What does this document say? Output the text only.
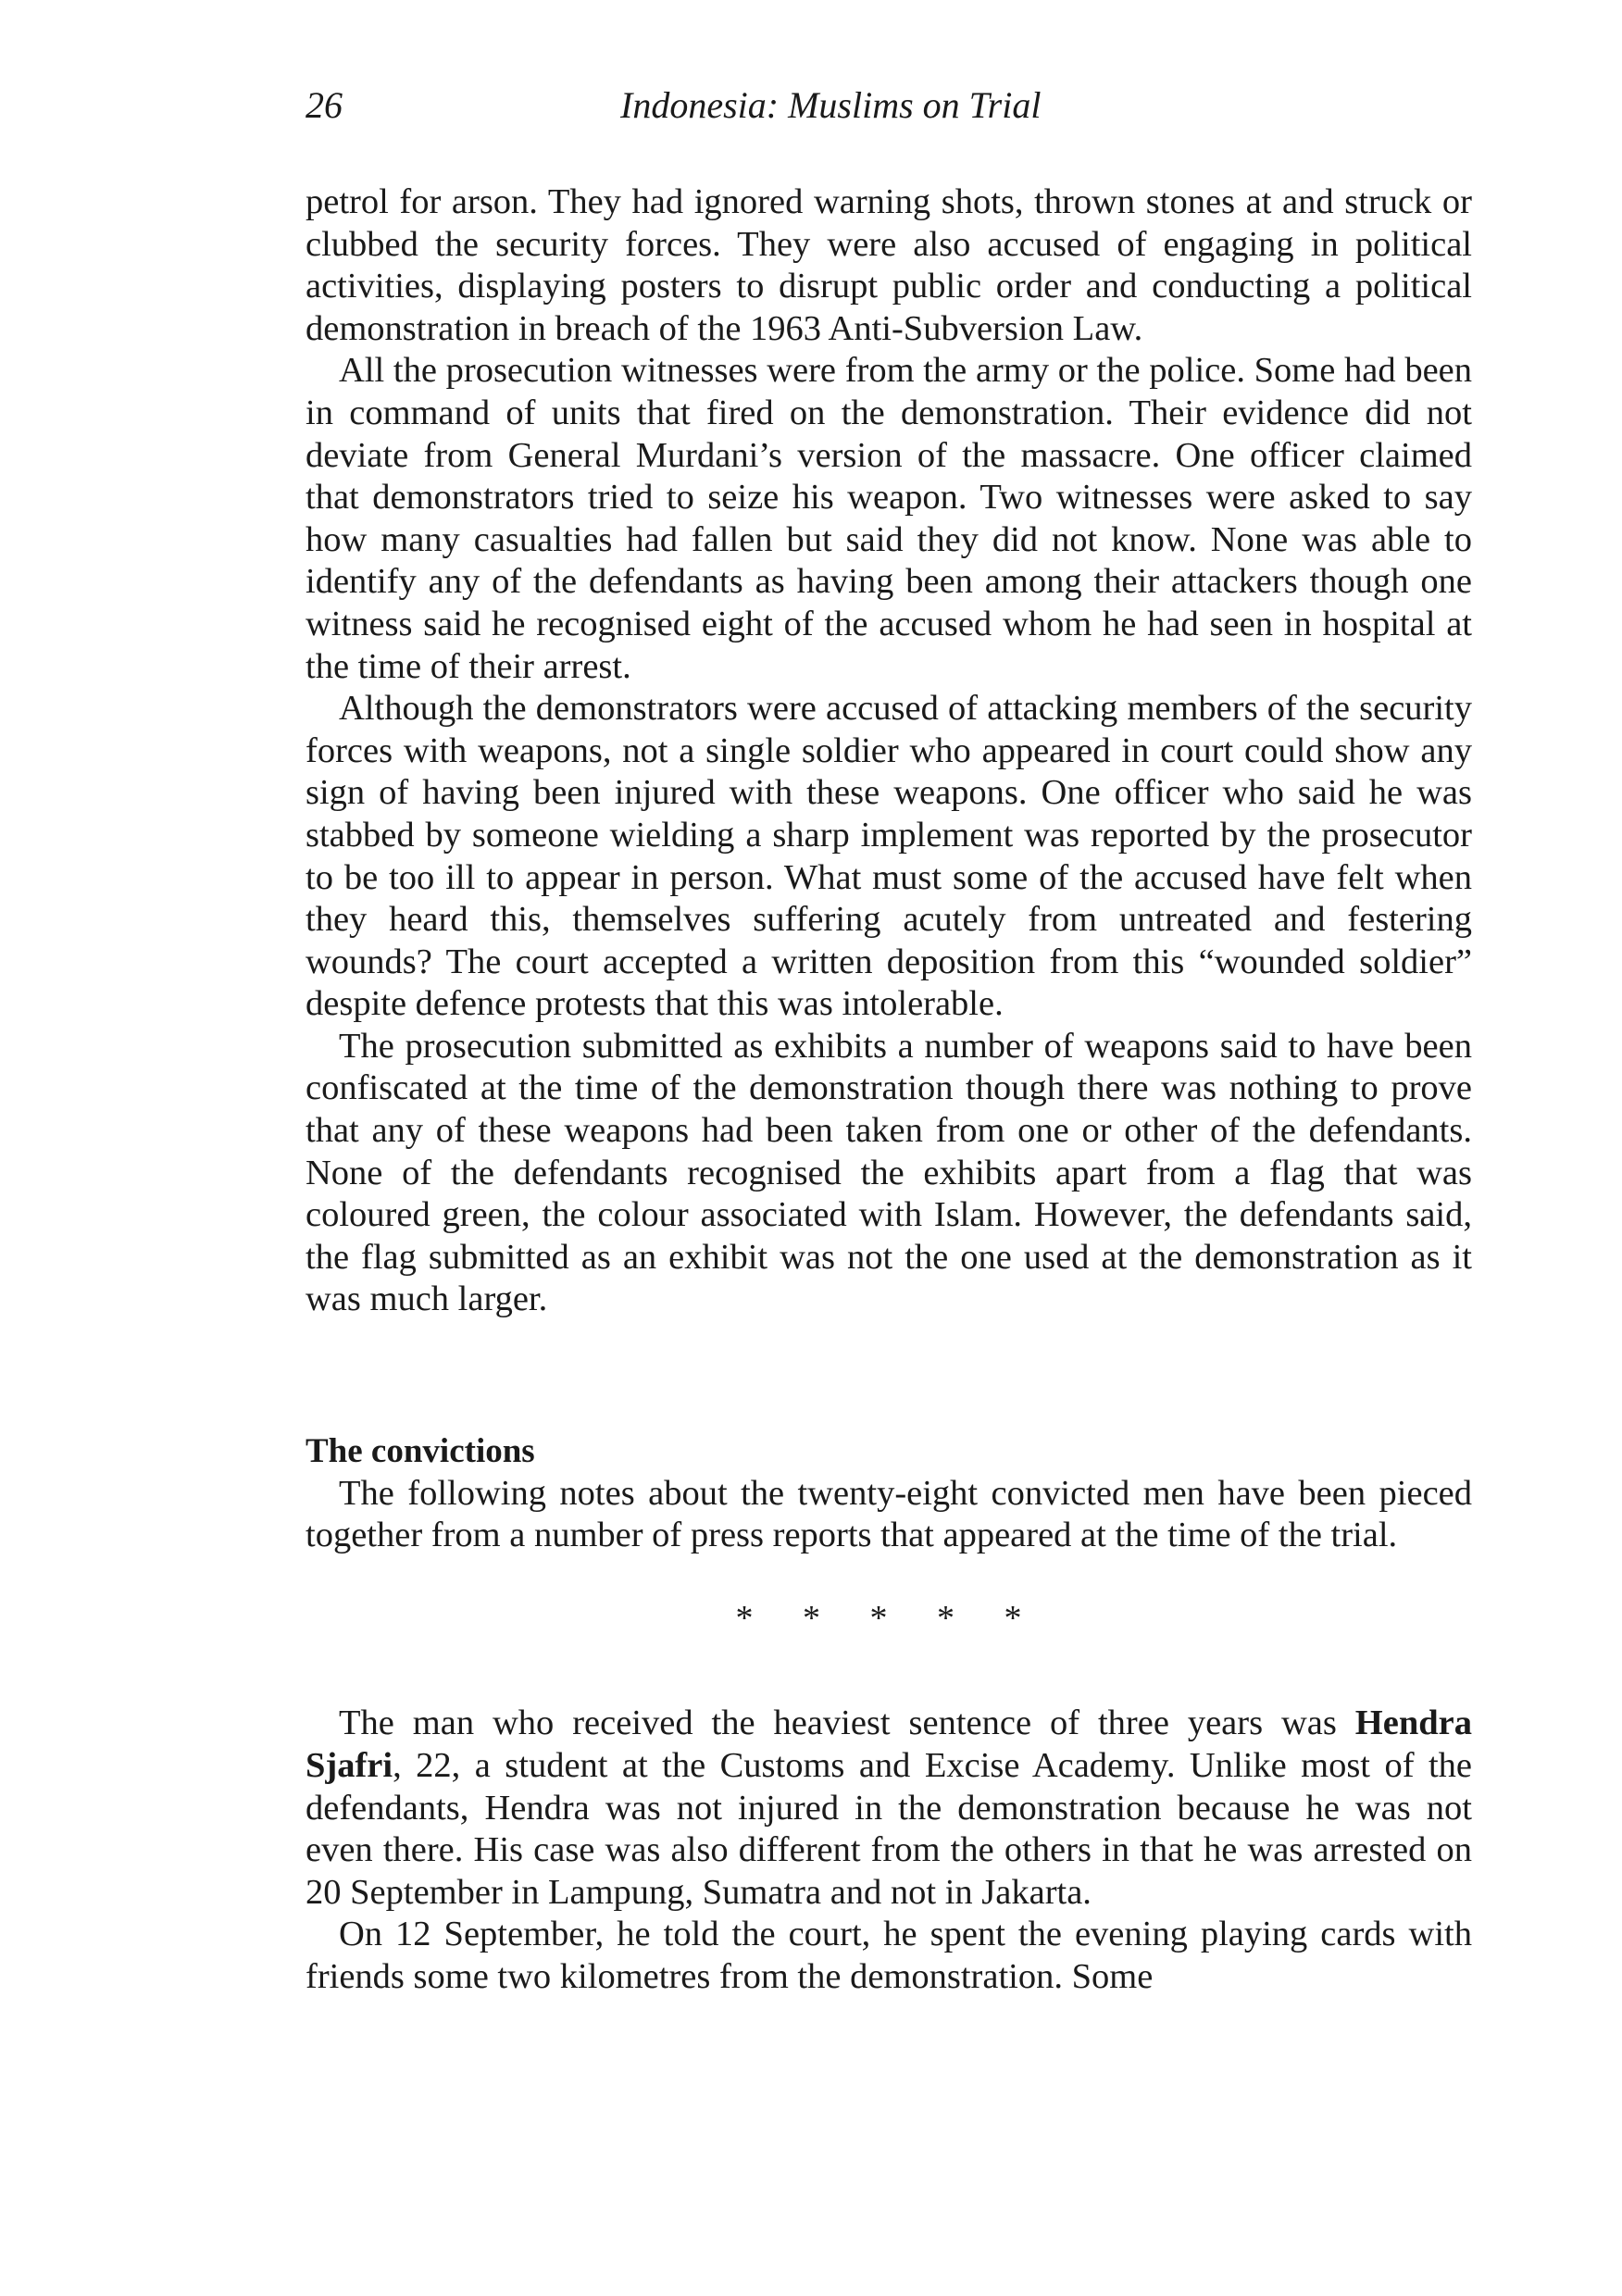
26	Indonesia: Muslims on Trial

petrol for arson. They had ignored warning shots, thrown stones at and struck or clubbed the security forces. They were also accused of engaging in political activities, displaying posters to disrupt public order and conducting a political demonstration in breach of the 1963 Anti-Subversion Law.

All the prosecution witnesses were from the army or the police. Some had been in command of units that fired on the demonstration. Their evidence did not deviate from General Murdani’s version of the massacre. One officer claimed that demonstrators tried to seize his weapon. Two witnesses were asked to say how many casualties had fallen but said they did not know. None was able to identify any of the defendants as having been among their attackers though one witness said he recognised eight of the accused whom he had seen in hospital at the time of their arrest.

Although the demonstrators were accused of attacking members of the security forces with weapons, not a single soldier who appeared in court could show any sign of having been injured with these weapons. One officer who said he was stabbed by someone wielding a sharp implement was reported by the prosecutor to be too ill to appear in person. What must some of the accused have felt when they heard this, themselves suffering acutely from untreated and festering wounds? The court accepted a written deposition from this “wounded soldier” despite defence protests that this was intolerable.

The prosecution submitted as exhibits a number of weapons said to have been confiscated at the time of the demonstration though there was nothing to prove that any of these weapons had been taken from one or other of the defendants. None of the defendants recognised the exhibits apart from a flag that was coloured green, the colour associated with Islam. However, the defendants said, the flag submitted as an exhibit was not the one used at the demonstration as it was much larger.

The convictions

The following notes about the twenty-eight convicted men have been pieced together from a number of press reports that appeared at the time of the trial.

* * * * *

The man who received the heaviest sentence of three years was Hendra Sjafri, 22, a student at the Customs and Excise Academy. Unlike most of the defendants, Hendra was not injured in the demonstration because he was not even there. His case was also different from the others in that he was arrested on 20 September in Lampung, Sumatra and not in Jakarta.

On 12 September, he told the court, he spent the evening playing cards with friends some two kilometres from the demonstration. Some
